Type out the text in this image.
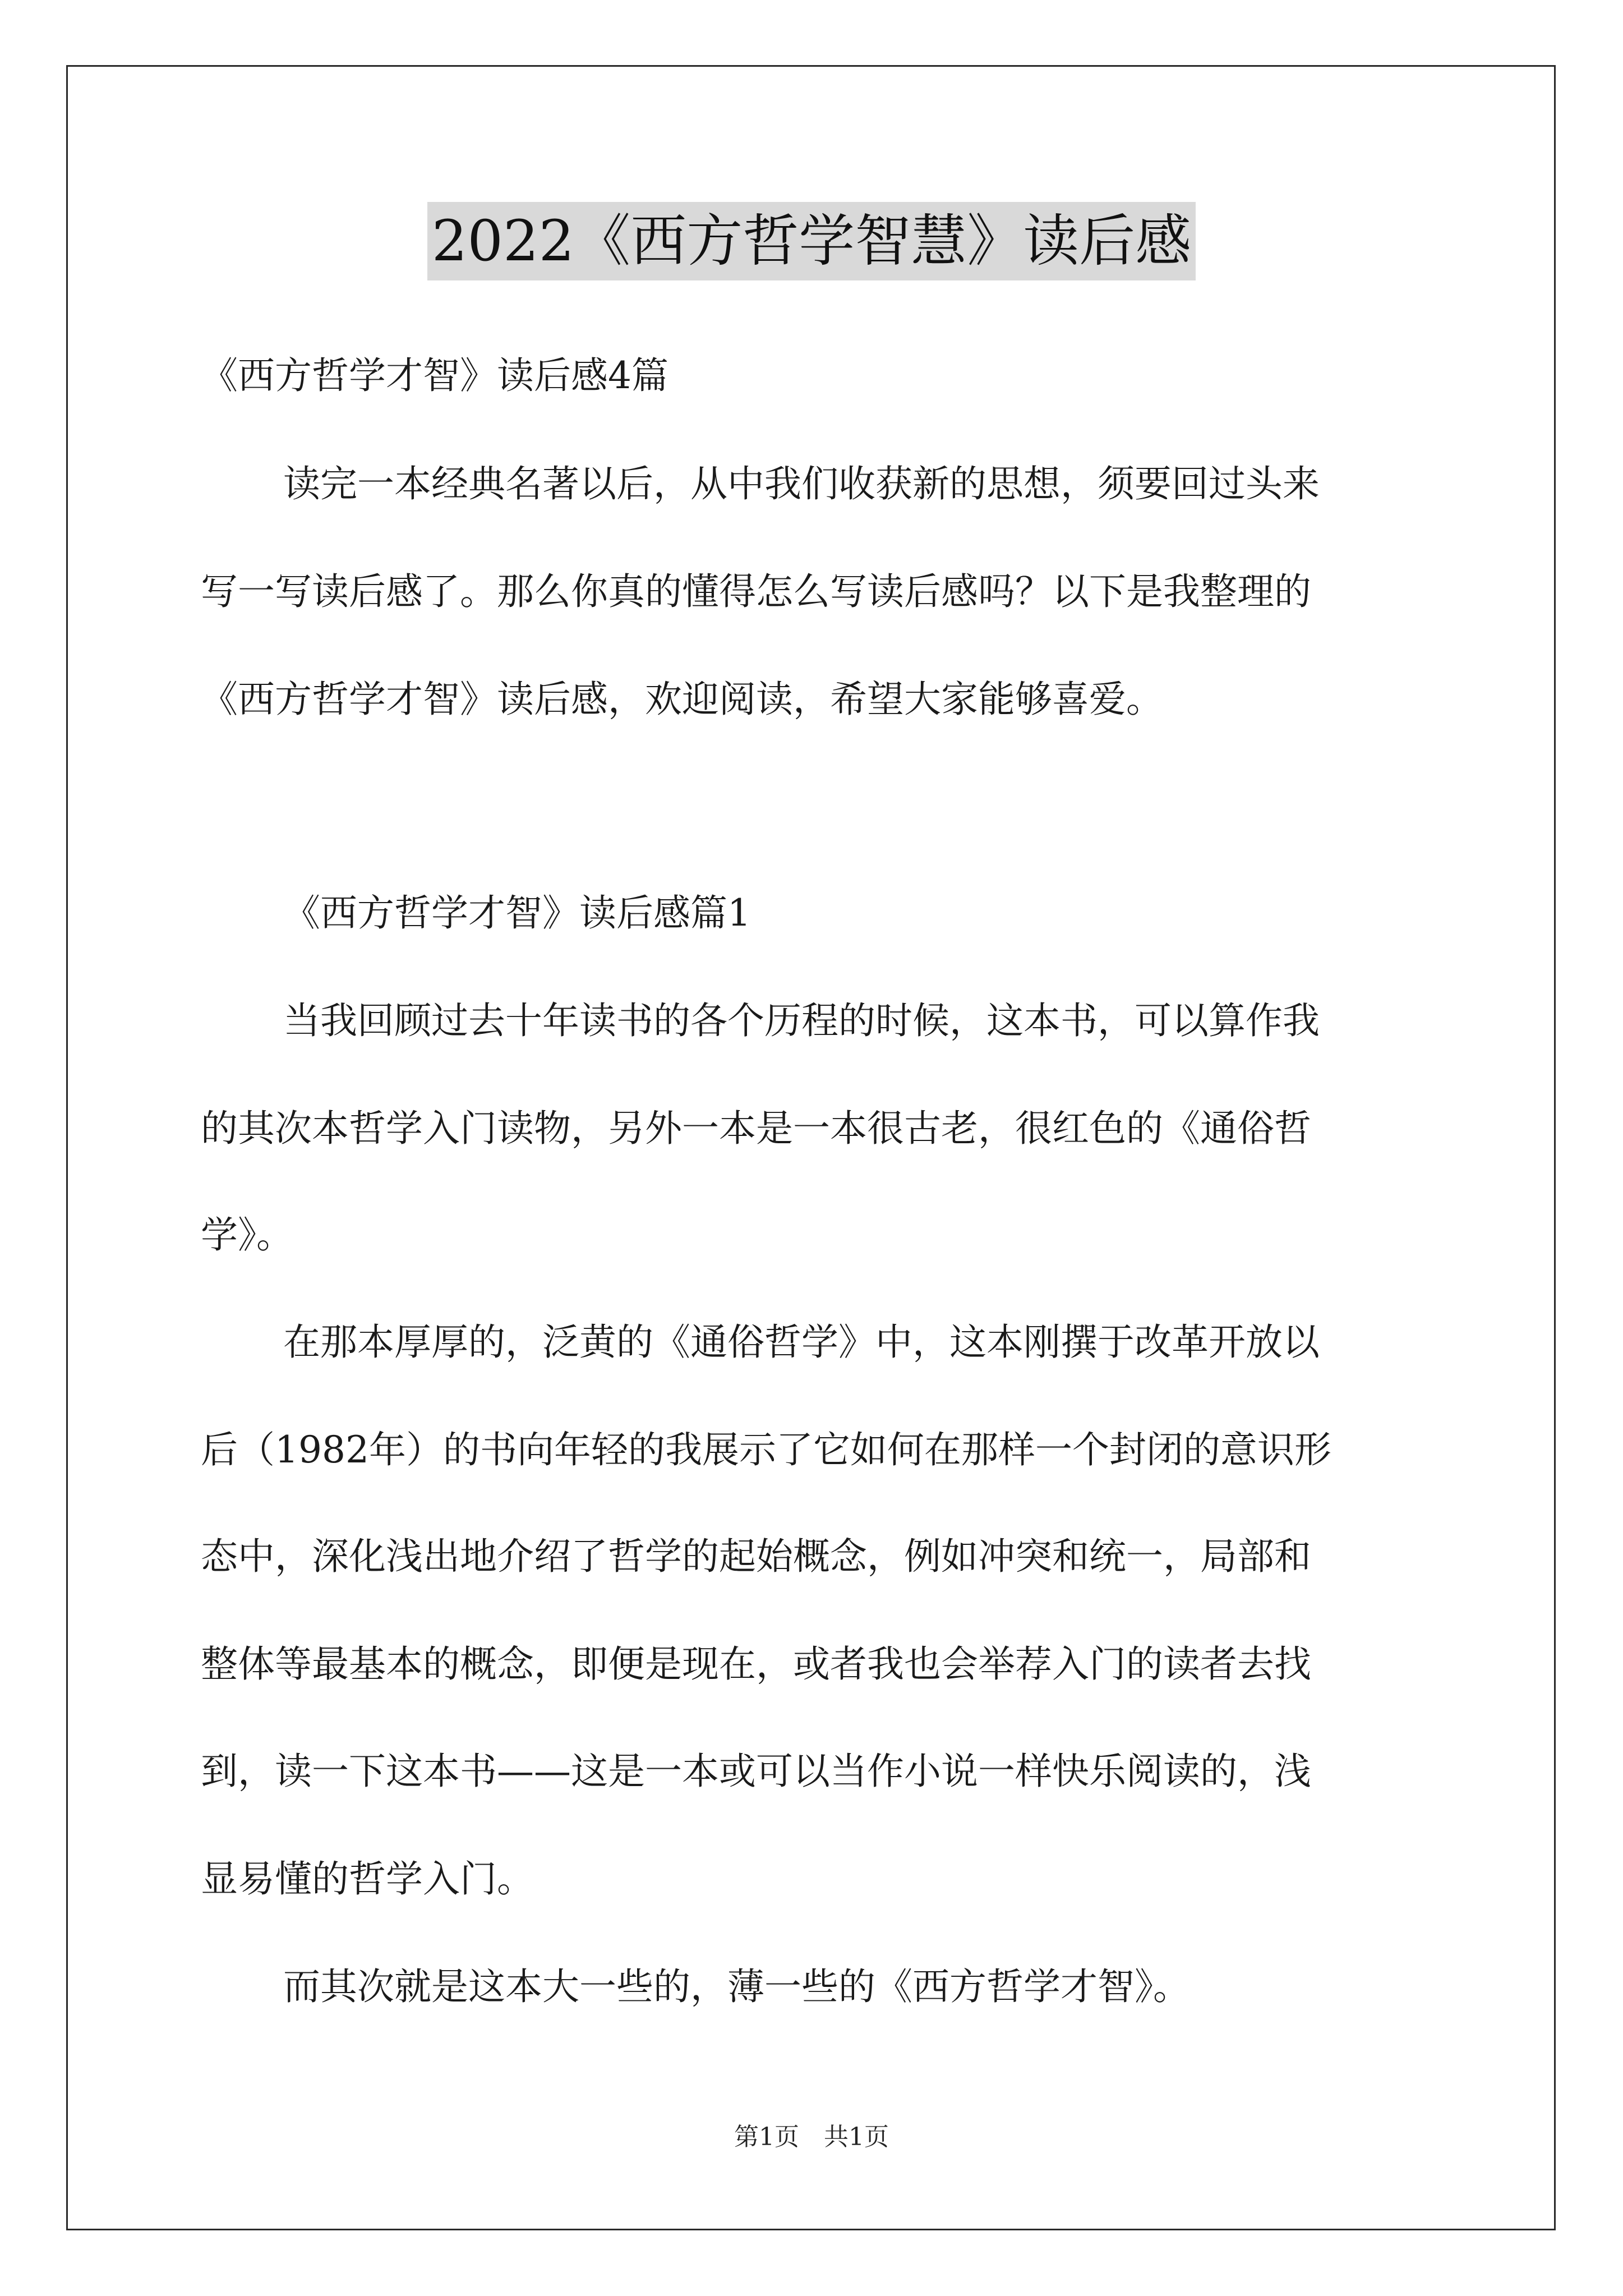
2022《西方哲学智慧》读后感
《西方哲学才智》读后感4篇
读完一本经典名著以后，从中我们收获新的思想，须要回过头来
写一写读后感了。那么你真的懂得怎么写读后感吗？以下是我整理的
《西方哲学才智》读后感，欢迎阅读，希望大家能够喜爱。
《西方哲学才智》读后感篇1
当我回顾过去十年读书的各个历程的时候，这本书，可以算作我
的其次本哲学入门读物，另外一本是一本很古老，很红色的《通俗哲
学》。
在那本厚厚的，泛黄的《通俗哲学》中，这本刚撰于改革开放以
后（1982年）的书向年轻的我展示了它如何在那样一个封闭的意识形
态中，深化浅出地介绍了哲学的起始概念，例如冲突和统一，局部和
整体等最基本的概念，即便是现在，或者我也会举荐入门的读者去找
到，读一下这本书——这是一本或可以当作小说一样快乐阅读的，浅
显易懂的哲学入门。
而其次就是这本大一些的，薄一些的《西方哲学才智》。
第1页 共1页
